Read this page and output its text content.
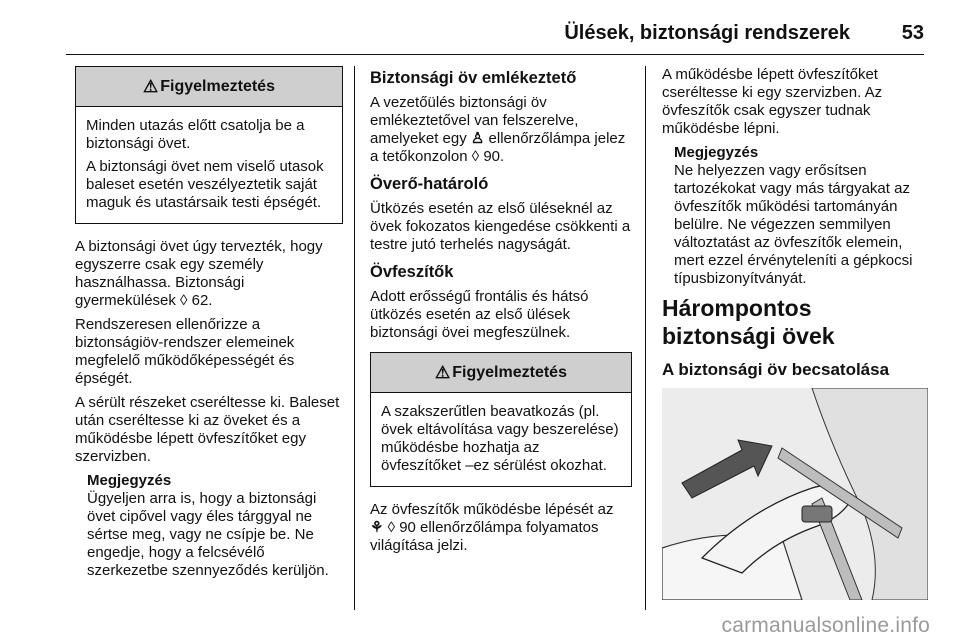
Ülések, biztonsági rendszerek	53
⚠ Figyelmeztetés

Minden utazás előtt csatolja be a biztonsági övet.

A biztonsági övet nem viselő utasok baleset esetén veszélyeztetik saját maguk és utastársaik testi épségét.

A biztonsági övet úgy tervezték, hogy egyszerre csak egy személy használhassa. Biztonsági gyermekülések ◊ 62.

Rendszeresen ellenőrizze a biztonságiöv-rendszer elemeinek megfelelő működőképességét és épségét.

A sérült részeket cseréltesse ki. Baleset után cseréltesse ki az öveket és a működésbe lépett övfeszítőket egy szervizben.

Megjegyzés

Ügyeljen arra is, hogy a biztonsági övet cipővel vagy éles tárggyal ne sértse meg, vagy ne csípje be. Ne engedje, hogy a felcsévélő szerkezetbe szennyeződés kerüljön.

Biztonsági öv emlékeztető

A vezetőülés biztonsági öv emlékeztetővel van felszerelve, amelyeket egy ♙ ellenőrzőlámpa jelez a tetőkonzolon ◊ 90.

Överő-határoló

Ütközés esetén az első üléseknél az övek fokozatos kiengedése csökkenti a testre jutó terhelés nagyságát.

Övfeszítők

Adott erősségű frontális és hátsó ütközés esetén az első ülések biztonsági övei megfeszülnek.

⚠ Figyelmeztetés

A szakszerűtlen beavatkozás (pl. övek eltávolítása vagy beszerelése) működésbe hozhatja az övfeszítőket –ez sérülést okozhat.

Az övfeszítők működésbe lépését az
⚘ ◊ 90 ellenőrzőlámpa folyamatos világítása jelzi.

A működésbe lépett övfeszítőket cseréltesse ki egy szervizben. Az övfeszítők csak egyszer tudnak működésbe lépni.

Megjegyzés

Ne helyezzen vagy erősítsen tartozékokat vagy más tárgyakat az övfeszítők működési tartományán belülre. Ne végezzen semmilyen változtatást az övfeszítők elemein, mert ezzel érvényteleníti a gépkocsi típusbizonyítványát.

Hárompontos biztonsági övek
A biztonsági öv becsatolása
carmanualsonline.info
